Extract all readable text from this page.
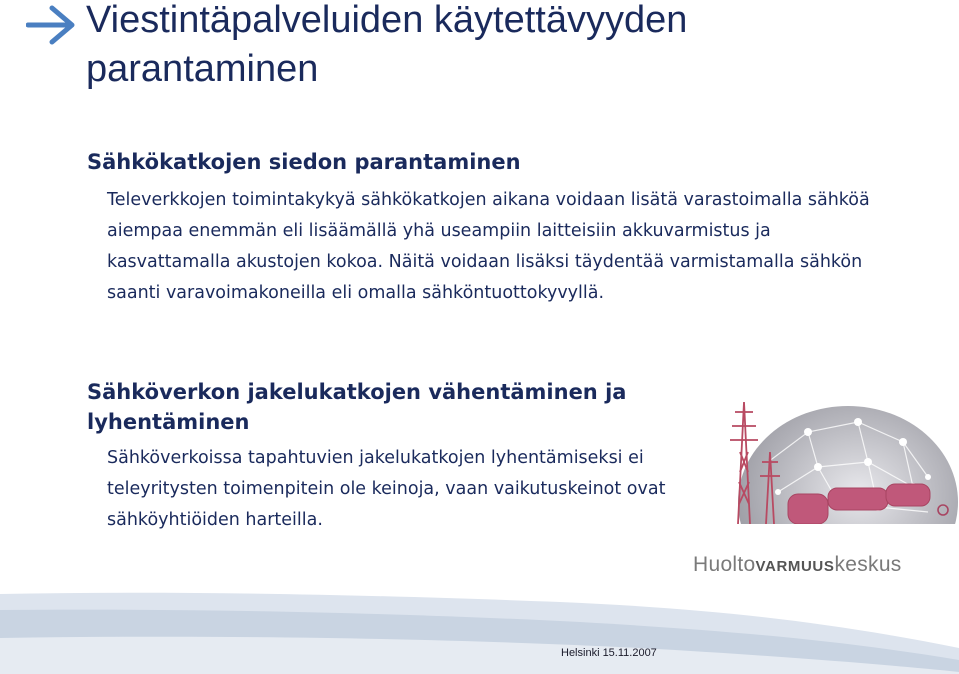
Viestintäpalveluiden käytettävyyden parantaminen
Sähkökatkojen siedon parantaminen

Televerkkojen toimintakykyä sähkökatkojen aikana voidaan lisätä varastoimalla sähköä aiempaa enemmän eli lisäämällä yhä useampiin laitteisiin akkuvarmistus ja kasvattamalla akustojen kokoa. Näitä voidaan lisäksi täydentää varmistamalla sähkön saanti varavoimakoneilla eli omalla sähköntuottokyvyllä.

Sähköverkon jakelukatkojen vähentäminen ja lyhentäminen

Sähköverkoissa tapahtuvien jakelukatkojen lyhentämiseksi ei teleyritysten toimenpitein ole keinoja, vaan vaikutuskeinot ovat sähköyhtiöiden harteilla.

HuoltoVARMUUSkeskus
Helsinki 15.11.2007
